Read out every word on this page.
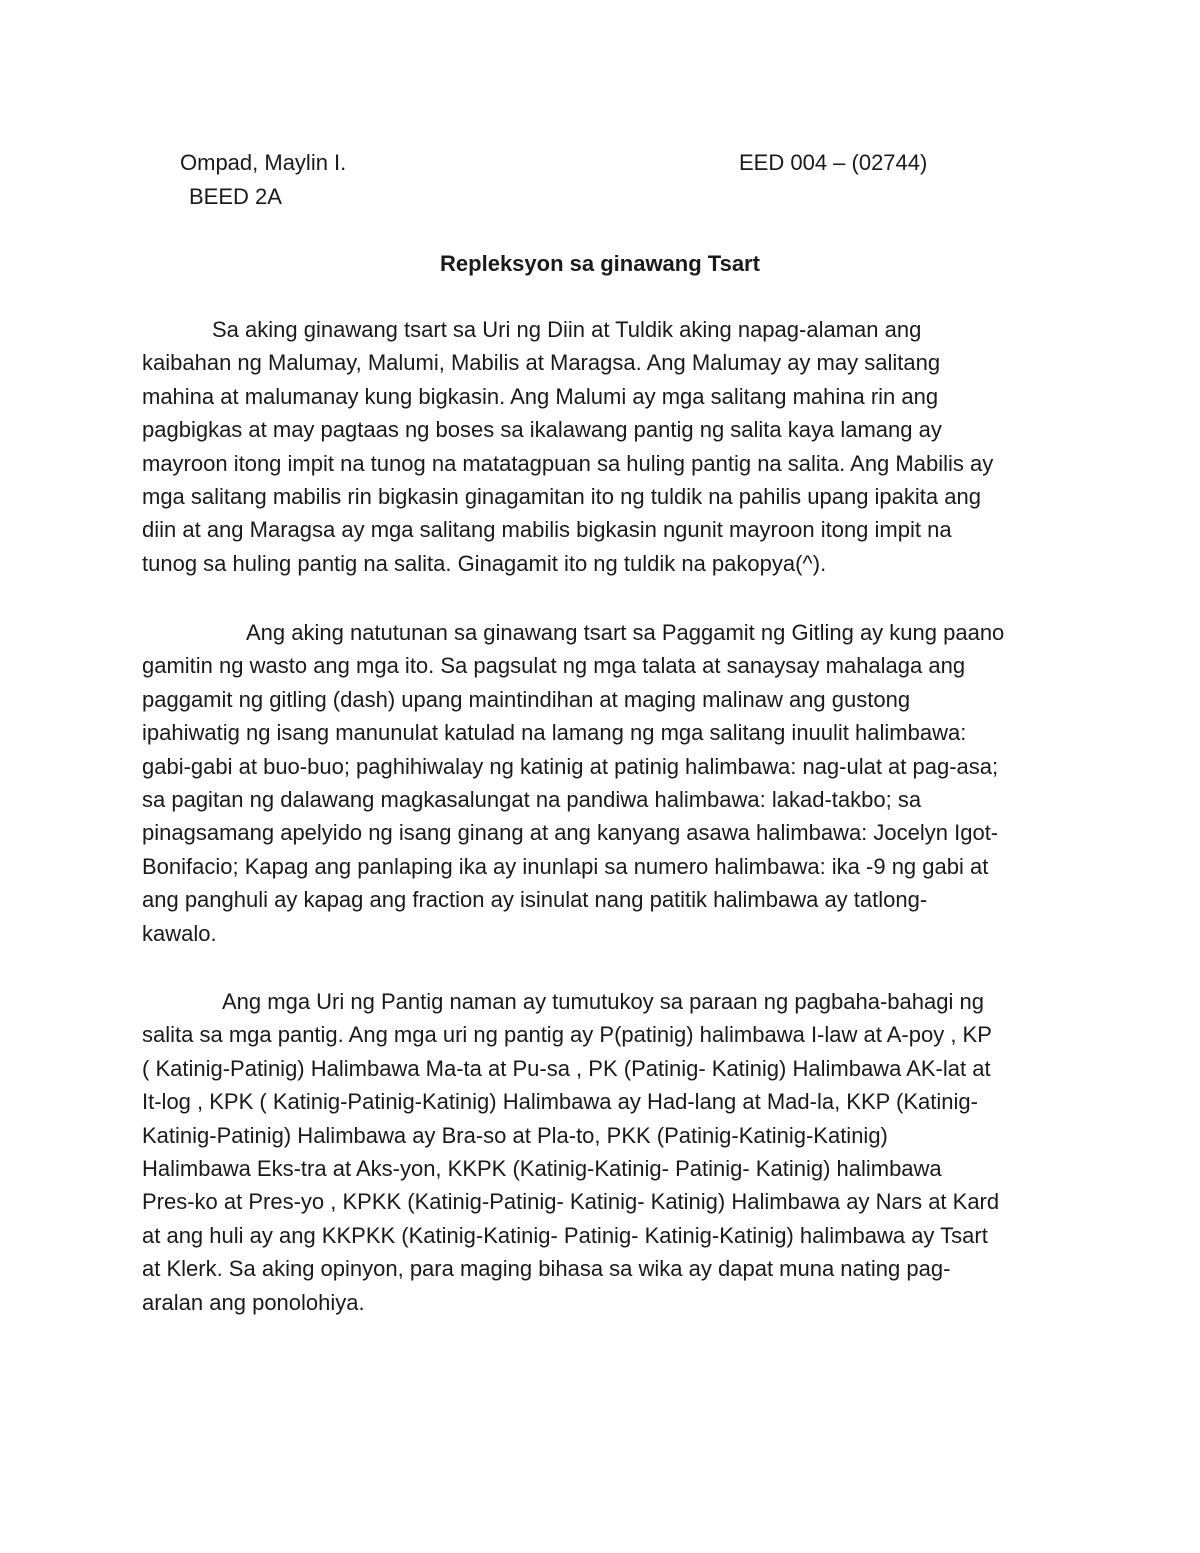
Ompad, Maylin I.	EED 004 – (02744)
BEED 2A
Repleksyon sa ginawang Tsart
Sa aking ginawang tsart sa Uri ng Diin at Tuldik aking napag-alaman ang
kaibahan ng Malumay, Malumi, Mabilis at Maragsa. Ang Malumay ay may salitang
mahina at malumanay kung bigkasin. Ang Malumi ay mga salitang mahina rin ang
pagbigkas at may pagtaas ng boses sa ikalawang pantig ng salita kaya lamang ay
mayroon itong impit na tunog na matatagpuan sa huling pantig na salita. Ang Mabilis ay
mga salitang mabilis rin bigkasin ginagamitan ito ng tuldik na pahilis upang ipakita ang
diin at ang Maragsa ay mga salitang mabilis bigkasin ngunit mayroon itong impit na
tunog sa huling pantig na salita. Ginagamit ito ng tuldik na pakopya(^).
Ang aking natutunan sa ginawang tsart sa Paggamit ng Gitling ay kung paano
gamitin ng wasto ang mga ito. Sa pagsulat ng mga talata at sanaysay mahalaga ang
paggamit ng gitling (dash) upang maintindihan at maging malinaw ang gustong
ipahiwatig ng isang manunulat katulad na lamang ng mga salitang inuulit halimbawa:
gabi-gabi at buo-buo; paghihiwalay ng katinig at patinig halimbawa: nag-ulat at pag-asa;
sa pagitan ng dalawang magkasalungat na pandiwa halimbawa: lakad-takbo; sa
pinagsamang apelyido ng isang ginang at ang kanyang asawa halimbawa: Jocelyn Igot-
Bonifacio; Kapag ang panlaping ika ay inunlapi sa numero halimbawa: ika -9 ng gabi at
ang panghuli ay kapag ang fraction ay isinulat nang patitik halimbawa ay tatlong-
kawalo.
Ang mga Uri ng Pantig naman ay tumutukoy sa paraan ng pagbaha-bahagi ng
salita sa mga pantig. Ang mga uri ng pantig ay P(patinig) halimbawa I-law at A-poy , KP
( Katinig-Patinig) Halimbawa Ma-ta at Pu-sa , PK (Patinig- Katinig) Halimbawa AK-lat at
It-log , KPK ( Katinig-Patinig-Katinig) Halimbawa ay Had-lang at Mad-la, KKP (Katinig-
Katinig-Patinig) Halimbawa ay Bra-so at Pla-to, PKK (Patinig-Katinig-Katinig)
Halimbawa Eks-tra at Aks-yon, KKPK (Katinig-Katinig- Patinig- Katinig) halimbawa
Pres-ko at Pres-yo , KPKK (Katinig-Patinig- Katinig- Katinig) Halimbawa ay Nars at Kard
at ang huli ay ang KKPKK (Katinig-Katinig- Patinig- Katinig-Katinig) halimbawa ay Tsart
at Klerk. Sa aking opinyon, para maging bihasa sa wika ay dapat muna nating pag-
aralan ang ponolohiya.
